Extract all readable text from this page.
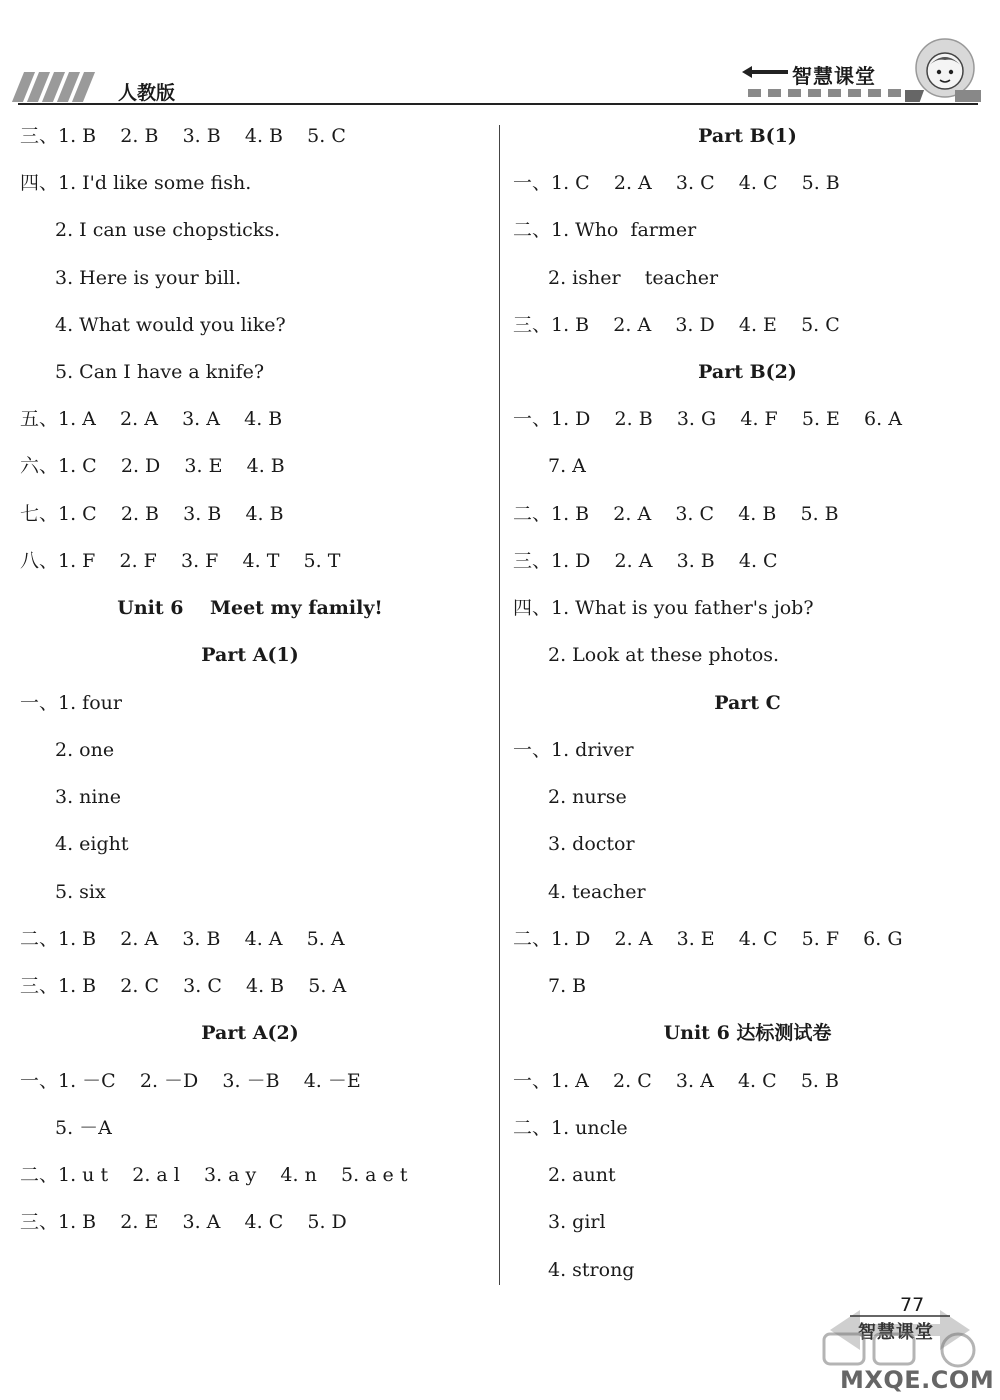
人教版
智慧课堂
三、1. B    2. B    3. B    4. B    5. C
四、1. I'd like some fish.
2. I can use chopsticks.
3. Here is your bill.
4. What would you like?
5. Can I have a knife?
五、1. A    2. A    3. A    4. B
六、1. C    2. D    3. E    4. B
七、1. C    2. B    3. B    4. B
八、1. F    2. F    3. F    4. T    5. T
Unit 6    Meet my family!
Part A(1)
一、1. four
2. one
3. nine
4. eight
5. six
二、1. B    2. A    3. B    4. A    5. A
三、1. B    2. C    3. C    4. B    5. A
Part A(2)
一、1. －C    2. －D    3. －B    4. －E
5. －A
二、1. u t    2. a l    3. a y    4. n    5. a e t
三、1. B    2. E    3. A    4. C    5. D
Part B(1)
一、1. C    2. A    3. C    4. C    5. B
二、1. Who  farmer
2. isher    teacher
三、1. B    2. A    3. D    4. E    5. C
Part B(2)
一、1. D    2. B    3. G    4. F    5. E    6. A
7. A
二、1. B    2. A    3. C    4. B    5. B
三、1. D    2. A    3. B    4. C
四、1. What is you father's job?
2. Look at these photos.
Part C
一、1. driver
2. nurse
3. doctor
4. teacher
二、1. D    2. A    3. E    4. C    5. F    6. G
7. B
Unit 6 达标测试卷
一、1. A    2. C    3. A    4. C    5. B
二、1. uncle
2. aunt
3. girl
4. strong
77
智慧课堂
MXQE.COM
